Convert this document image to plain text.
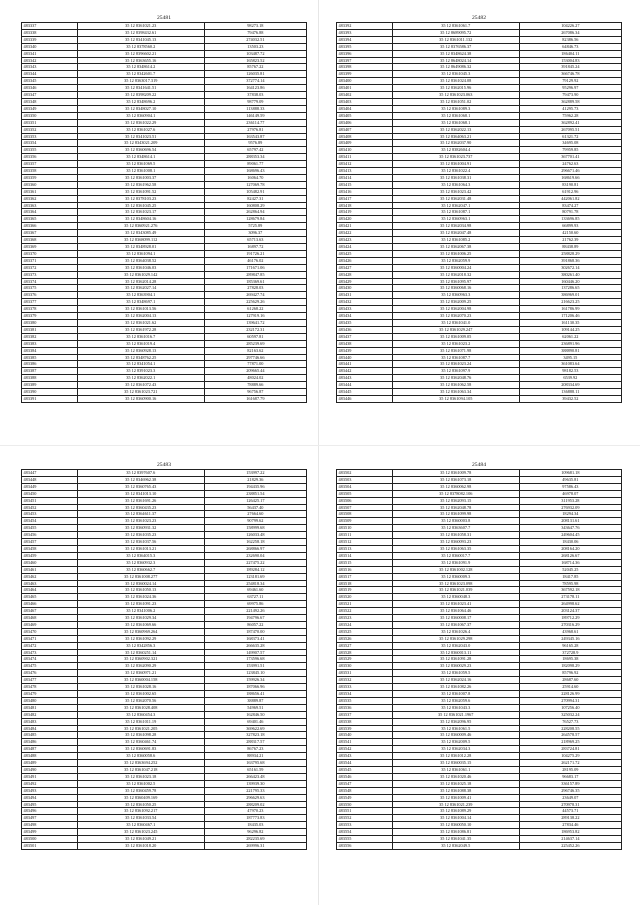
25481
483337	35 12 8361021.23	98273.18
483338	35 12 8398432.61	79476.88
483339	35 12 8341045.13	274032.51
483340	35 12 8378560.2	13503.23
483341	35 12 8396602.21	103487.72
483342	35 12 8363655.16	165823.52
483343	35 12 8348614.2	85767.22
483344	35 12 8342601.7	126035.81
483345	35 12 8363017.319	372774.14
483346	35 12 8341641.51	164123.86
483347	35 12 8398209.22	37838.03
483348	35 12 8348696.2	98779.09
483349	35 12 8348027.10	113888.33
483350	35 12 8360904.1	146149.59
483351	35 12 8361022.29	236114.77
483352	35 12 8361027.6	27976.81
483353	35 12 8341023.51	163543.87
483354	35 12 8343021.209	9576.89
483355	35 12 8360696.54	65797.42
483356	35 12 8348614.1	288353.34
483357	35 12 8361069.5	89061.77
483358	35 12 8361008.1	168696.43
483359	35 12 8361003.37	16064.70
483360	35 12 8361962.58	127069.78
483361	35 12 8361091.52	105482.91
483362	35 12 8378103.23	82427.31
483363	35 12 8361045.25	160808.29
483364	35 12 8361023.17	262864.94
483365	35 12 8348604.16	128679.84
483366	35 12 8360921.276	5725.89
483367	35 12 8343085.49	3096.37
483368	35 12 8368099.112	65713.63
483369	35 12 8348928.01	16897.72
483370	35 12 8361094.1	191726.21
483371	35 12 8364038.52	46176.02
483372	35 12 8361046.03	171671.06
483373	35 12 8361029.142	289847.85
483374	35 12 8362014.28	185369.61
483375	35 12 8362027.14	27828.03
483376	35 12 8363904.1	269427.74
483377	35 12 8348697.1	225629.26
483378	35 12 8361013.56	61268.22
483379	35 12 8362004.13	127919.16
483380	35 12 8361021.62	139641.72
483381	35 12 8361972.28	232172.31
483382	35 12 8361016.7	60597.81
483383	35 12 8361019.4	285239.69
483384	35 12 8360928.13	82163.62
483385	35 12 8348762.25	297746.66
483386	35 12 8341054.1	77871.00
483387	35 12 8391023.3	209665.44
483388	35 12 8362022.1	48024.02
483389	35 12 8361072.43	78889.66
483390	35 12 8361023.721	96756.87
483391	35 12 8360900.16	161687.79
25482
483392	35 12 8361061.7	104226.27
483393	35 12 8689095.72	267086.34
483394	35 12 8361011.132	82386.56
483395	35 12 8376586.37	64846.73
483396	35 12 8348624.38	186404.11
483397	35 12 8648024.14	153004.83
483398	35 12 8649086.32	391845.24
483399	35 12 8361045.3	366746.78
483400	35 12 8361024.08	79129.92
483401	35 12 8362015.96	95296.97
483402	35 12 8361023.063	79473.90
483403	35 12 8361051.02	362889.58
483404	35 12 8361089.3	41295.73
483405	35 12 8361068.1	75962.28
483406	35 12 8361068.1	362892.41
483407	35 12 8362022.13	267095.51
483408	35 12 8364063.21	61321.72
483409	35 12 8362037.90	34695.08
483410	35 12 8382604.4	79959.85
483411	35 12 8361023.737	367701.41
483412	35 12 8361004.91	24762.63
483413	35 12 8361022.4	296671.46
483414	35 12 8361038.31	168619.66
483415	35 12 8361064.3	83190.81
483416	35 12 8361023.42	61912.96
483417	35 12 8362031.48	442061.82
483418	35 12 8362047.1	83474.27
483419	35 12 8361087.1	80791.78
483420	35 12 8360963.1	133696.85
483421	35 12 8362034.98	66899.93
483422	35 12 8362047.48	42150.60
483423	35 12 8361085.2	21762.39
483424	35 12 8362067.38	88438.89
483425	35 12 8361006.25	258828.29
483426	35 12 8362059.9	391868.36
483427	35 12 8360004.24	302672.14
483428	35 12 8362018.32	380261.40
483429	35 12 8361095.97	160446.20
483430	35 12 8360068.16	137286.65
483431	35 12 8360963.3	386969.01
483432	35 12 8362009.25	216623.25
483433	35 12 8362004.98	161786.99
483434	35 12 8362070.23	171206.46
483435	35 12 8361041.0	161130.35
483436	35 12 8361029.247	109144.25
483437	35 12 8361009.05	62061.22
483438	35 12 8361023.2	236891.96
483439	35 12 8361071.98	388890.81
483440	35 12 8361087.7	3495.15
483441	35 12 8361023.24	361083.64
483442	35 12 8361097.9	98182.53
483443	35 12 8362048.76	6539.92
483444	35 12 8361062.58	208334.69
483445	35 12 8361063.34	136888.11
483446	35 12 8361094.105	39432.52
25483
483447	35 12 8397607.6	153997.22
483448	35 12 8346962.38	21829.36
483449	35 12 8360765.43	194435.96
483450	35 12 8341013.10	238851.54
483451	35 12 8361691.26	126425.17
483452	35 12 8360435.23	56437.40
483453	35 12 8364611.37	27664.60
483454	35 12 8361023.23	90799.62
483455	35 12 8360931.32	158999.68
483456	35 12 8361035.23	126033.48
483457	35 12 8361037.56	162258.18
483458	35 12 8361013.21	268866.97
483459	35 12 8364015.3	232690.04
483460	35 12 8360932.3	227475.22
483461	35 12 8360662.7	189284.12
483462	35 12 8361008.277	123181.69
483463	35 12 8360024.14	254818.34
483464	35 12 8361050.13	69461.60
483465	35 12 8361024.36	63727.11
483466	35 12 8361091.23	69975.86
483467	35 12 8341006.2	221492.26
483468	35 12 8361029.34	194796.67
483469	35 12 8361069.66	86057.22
483470	35 12 8360969.264	187470.00
483471	35 12 8361092.29	168373.41
483472	35 12 8342856.3	266635.28
483473	35 12 8360251.14	149907.57
483474	35 12 8360902.321	173596.68
483475	35 12 8362090.29	153991.51
483476	35 12 8360971.21	123845.10
483477	35 12 8360004.158	159926.34
483478	35 12 8361028.16	187066.96
483479	35 12 8361002.65	188656.41
483480	35 12 8362070.56	38889.87
483481	35 12 8361028.408	54969.51
483482	35 12 8360454.3	162846.50
483483	35 12 8361011.19	69401.46
483484	35 12 8361021.205	369622.69
483485	35 12 8361098.28	327823.18
483486	35 12 8360461.74	288317.57
483487	35 12 8360691.83	86767.23
483488	35 12 8360058.6	88934.21
483489	35 12 8363694.252	163795.68
483490	35 12 8361047.218	65161.59
483491	35 12 8361023.18	266423.48
483492	35 12 8361002.5	139939.30
483493	35 12 8360459.78	221795.33
483494	35 12 8360409.169	296629.63
483495	35 12 8361050.25	288209.02
483496	35 12 8361092.217	47970.23
483497	35 12 8361033.54	187773.83
483498	35 12 8360467.1	18435.03
483499	35 12 8361023.245	96296.82
483500	35 12 8361049.21	282235.69
483501	35 12 8361018.20	269996.31
25484
483502	35 12 8361009.78	109681.18
483503	35 12 8361073.18	49635.81
483504	35 12 8360062.98	97586.43
483505	35 12 8378082.106	46978.07
483506	35 12 8362093.15	311953.28
483507	35 12 8362048.78	276932.09
483508	35 12 8361099.98	18294.34
483509	35 12 8360003.8	208131.61
483510	35 12 8363607.7	343647.76
483511	35 12 8361058.31	249604.45
483512	35 12 8360093.23	18430.06
483513	35 12 8361063.35	208164.20
483514	35 12 8360017.7	268126.67
483515	35 12 8361091.9	168714.36
483516	35 12 8361002.128	52045.25
483517	35 12 8360009.3	18417.85
483518	35 12 8361023.098	78595.98
483519	35 12 8361021.039	367592.18
483520	35 12 8360048.3	273178.11
483521	35 12 8361023.41	264998.62
483522	35 12 8361064.46	203124.37
483523	35 12 8360008.17	189712.29
483524	35 12 8361067.37	270316.29
483525	35 12 8361026.4	43968.61
483526	35 12 8361029.298	249345.16
483527	35 12 8362043.0	96165.28
483528	35 12 8360013.11	372728.9
483529	35 12 8361091.28	18695.38
483530	35 12 8360029.23	182098.29
483531	35 12 8361059.5	85796.92
483532	35 12 8362024.16	28687.60
483533	35 12 8361082.26	25914.60
483534	35 12 8361007.8	228126.99
483535	35 12 8362059.6	270994.31
483536	35 12 8361043.3	107256.40
483537	35 12 8361021.1967	325032.24
483538	35 12 8362096.95	76527.73
483539	35 12 8361061.5	228208.55
483540	35 12 8360009.46	264578.57
483541	35 12 8362009.5	218969.25
483542	35 12 8362034.3	283724.81
483543	35 12 8361012.28	104275.29
483544	35 12 8360035.15	262171.72
483545	35 12 8361061.1	28195.09
483546	35 12 8361020.46	96683.17
483547	35 12 8361025.18	336157.89
483548	35 12 8361088.38	296746.35
483549	35 12 8361009.41	23649.07
483550	35 12 8361021.239	270978.31
483551	35 12 8361089.29	44573.71
483552	35 12 8361004.14	289138.22
483553	35 12 8360050.10	27834.46
483554	35 12 8361086.81	186953.82
483555	35 12 8361041.35	214637.14
483556	35 12 8362049.5	225452.26
